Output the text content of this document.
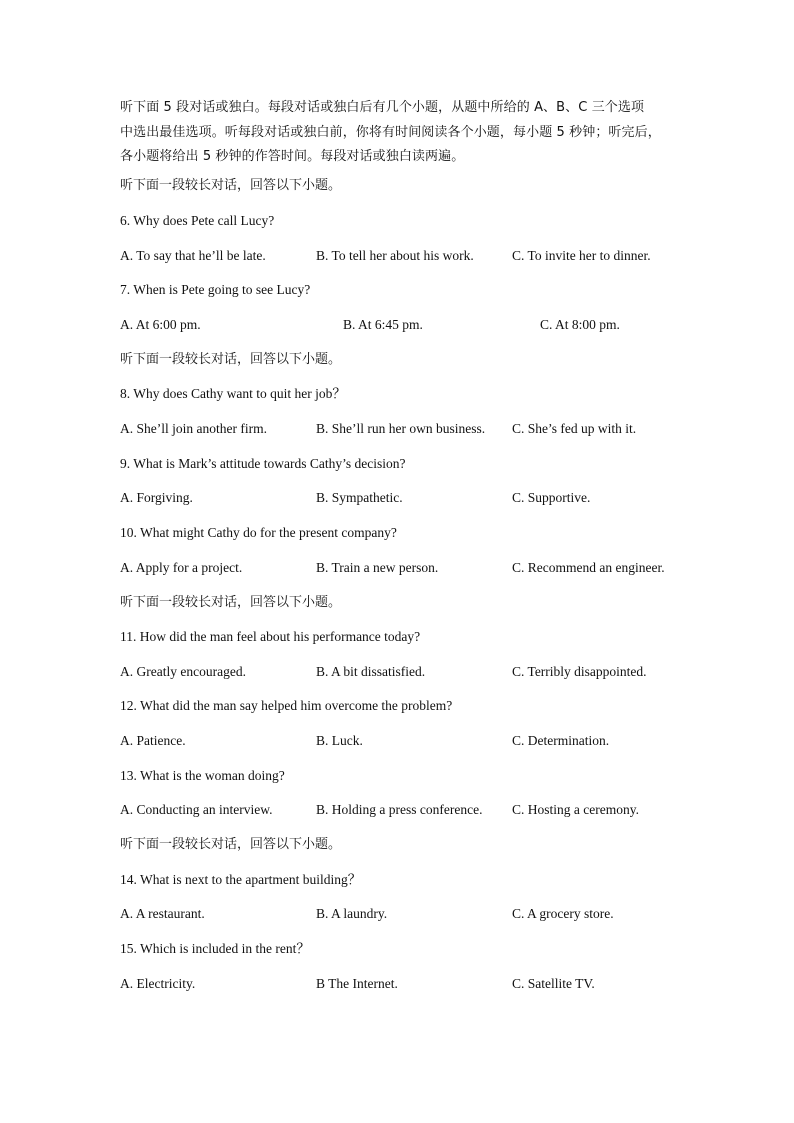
听下面 5 段对话或独白。每段对话或独白后有几个小题，从题中所给的 A、B、C 三个选项

中选出最佳选项。听每段对话或独白前，你将有时间阅读各个小题，每小题 5 秒钟；听完后，

各小题将给出 5 秒钟的作答时间。每段对话或独白读两遍。

听下面一段较长对话，回答以下小题。

6. Why does Pete call Lucy?

A. To say that he’ll be late.	B. To tell her about his work.	C. To invite her to dinner.

7. When is Pete going to see Lucy?

A. At 6:00 pm.	B. At 6:45 pm.	C. At 8:00 pm.

听下面一段较长对话，回答以下小题。

8. Why does Cathy want to quit her job？

A. She’ll join another firm.	B. She’ll run her own business. C. She’s fed up with it.

9. What is Mark’s attitude towards Cathy’s decision?

A. Forgiving.	B. Sympathetic.	C. Supportive.

10. What might Cathy do for the present company?

A. Apply for a project.	B. Train a new person.	C. Recommend an engineer.

听下面一段较长对话，回答以下小题。

11. How did the man feel about his performance today?

A. Greatly encouraged.	B. A bit dissatisfied.	C. Terribly disappointed.

12. What did the man say helped him overcome the problem?

A. Patience.	B. Luck.	C. Determination.

13. What is the woman doing?

A. Conducting an interview.	B. Holding a press conference. C. Hosting a ceremony.

听下面一段较长对话，回答以下小题。

14. What is next to the apartment building？

A. A restaurant.	B. A laundry.	C. A grocery store.

15. Which is included in the rent？

A. Electricity.	B The Internet.	C. Satellite TV.
